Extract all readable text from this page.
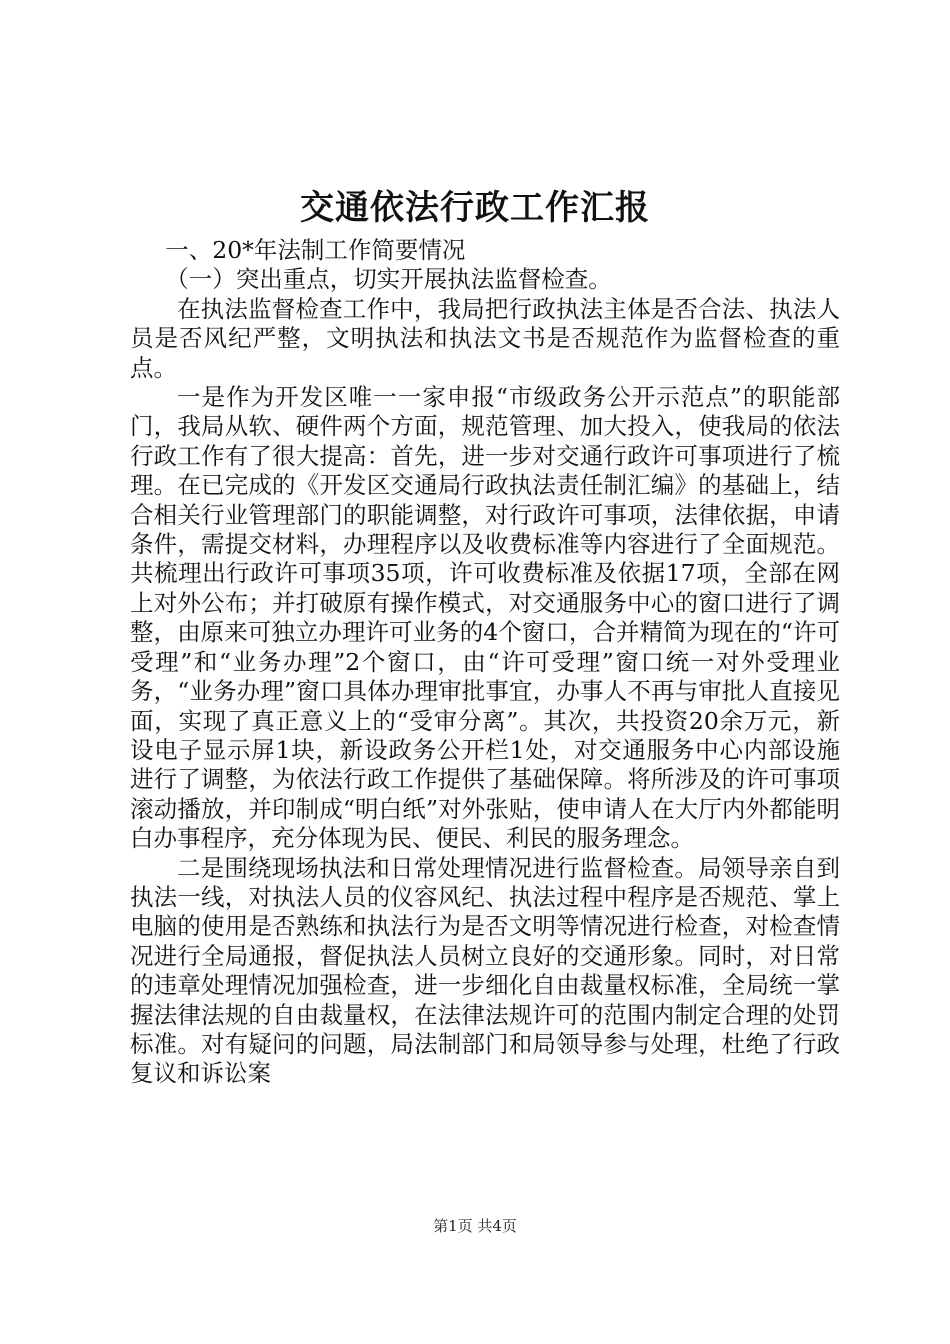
交通依法行政工作汇报

一、20*年法制工作简要情况

（一）突出重点，切实开展执法监督检查。

在执法监督检查工作中，我局把行政执法主体是否合法、执法人员是否风纪严整，文明执法和执法文书是否规范作为监督检查的重点。

一是作为开发区唯一一家申报“市级政务公开示范点”的职能部门，我局从软、硬件两个方面，规范管理、加大投入，使我局的依法行政工作有了很大提高：首先，进一步对交通行政许可事项进行了梳理。在已完成的《开发区交通局行政执法责任制汇编》的基础上，结合相关行业管理部门的职能调整，对行政许可事项，法律依据，申请条件，需提交材料，办理程序以及收费标准等内容进行了全面规范。共梳理出行政许可事项35项，许可收费标准及依据17项，全部在网上对外公布；并打破原有操作模式，对交通服务中心的窗口进行了调整，由原来可独立办理许可业务的4个窗口，合并精简为现在的“许可受理”和“业务办理”2个窗口，由“许可受理”窗口统一对外受理业务，“业务办理”窗口具体办理审批事宜，办事人不再与审批人直接见面，实现了真正意义上的“受审分离”。其次，共投资20余万元，新设电子显示屏1块，新设政务公开栏1处，对交通服务中心内部设施进行了调整，为依法行政工作提供了基础保障。将所涉及的许可事项滚动播放，并印制成“明白纸”对外张贴，使申请人在大厅内外都能明白办事程序，充分体现为民、便民、利民的服务理念。

二是围绕现场执法和日常处理情况进行监督检查。局领导亲自到执法一线，对执法人员的仪容风纪、执法过程中程序是否规范、掌上电脑的使用是否熟练和执法行为是否文明等情况进行检查，对检查情况进行全局通报，督促执法人员树立良好的交通形象。同时，对日常的违章处理情况加强检查，进一步细化自由裁量权标准，全局统一掌握法律法规的自由裁量权，在法律法规许可的范围内制定合理的处罚标准。对有疑问的问题，局法制部门和局领导参与处理，杜绝了行政复议和诉讼案

第1页 共4页
